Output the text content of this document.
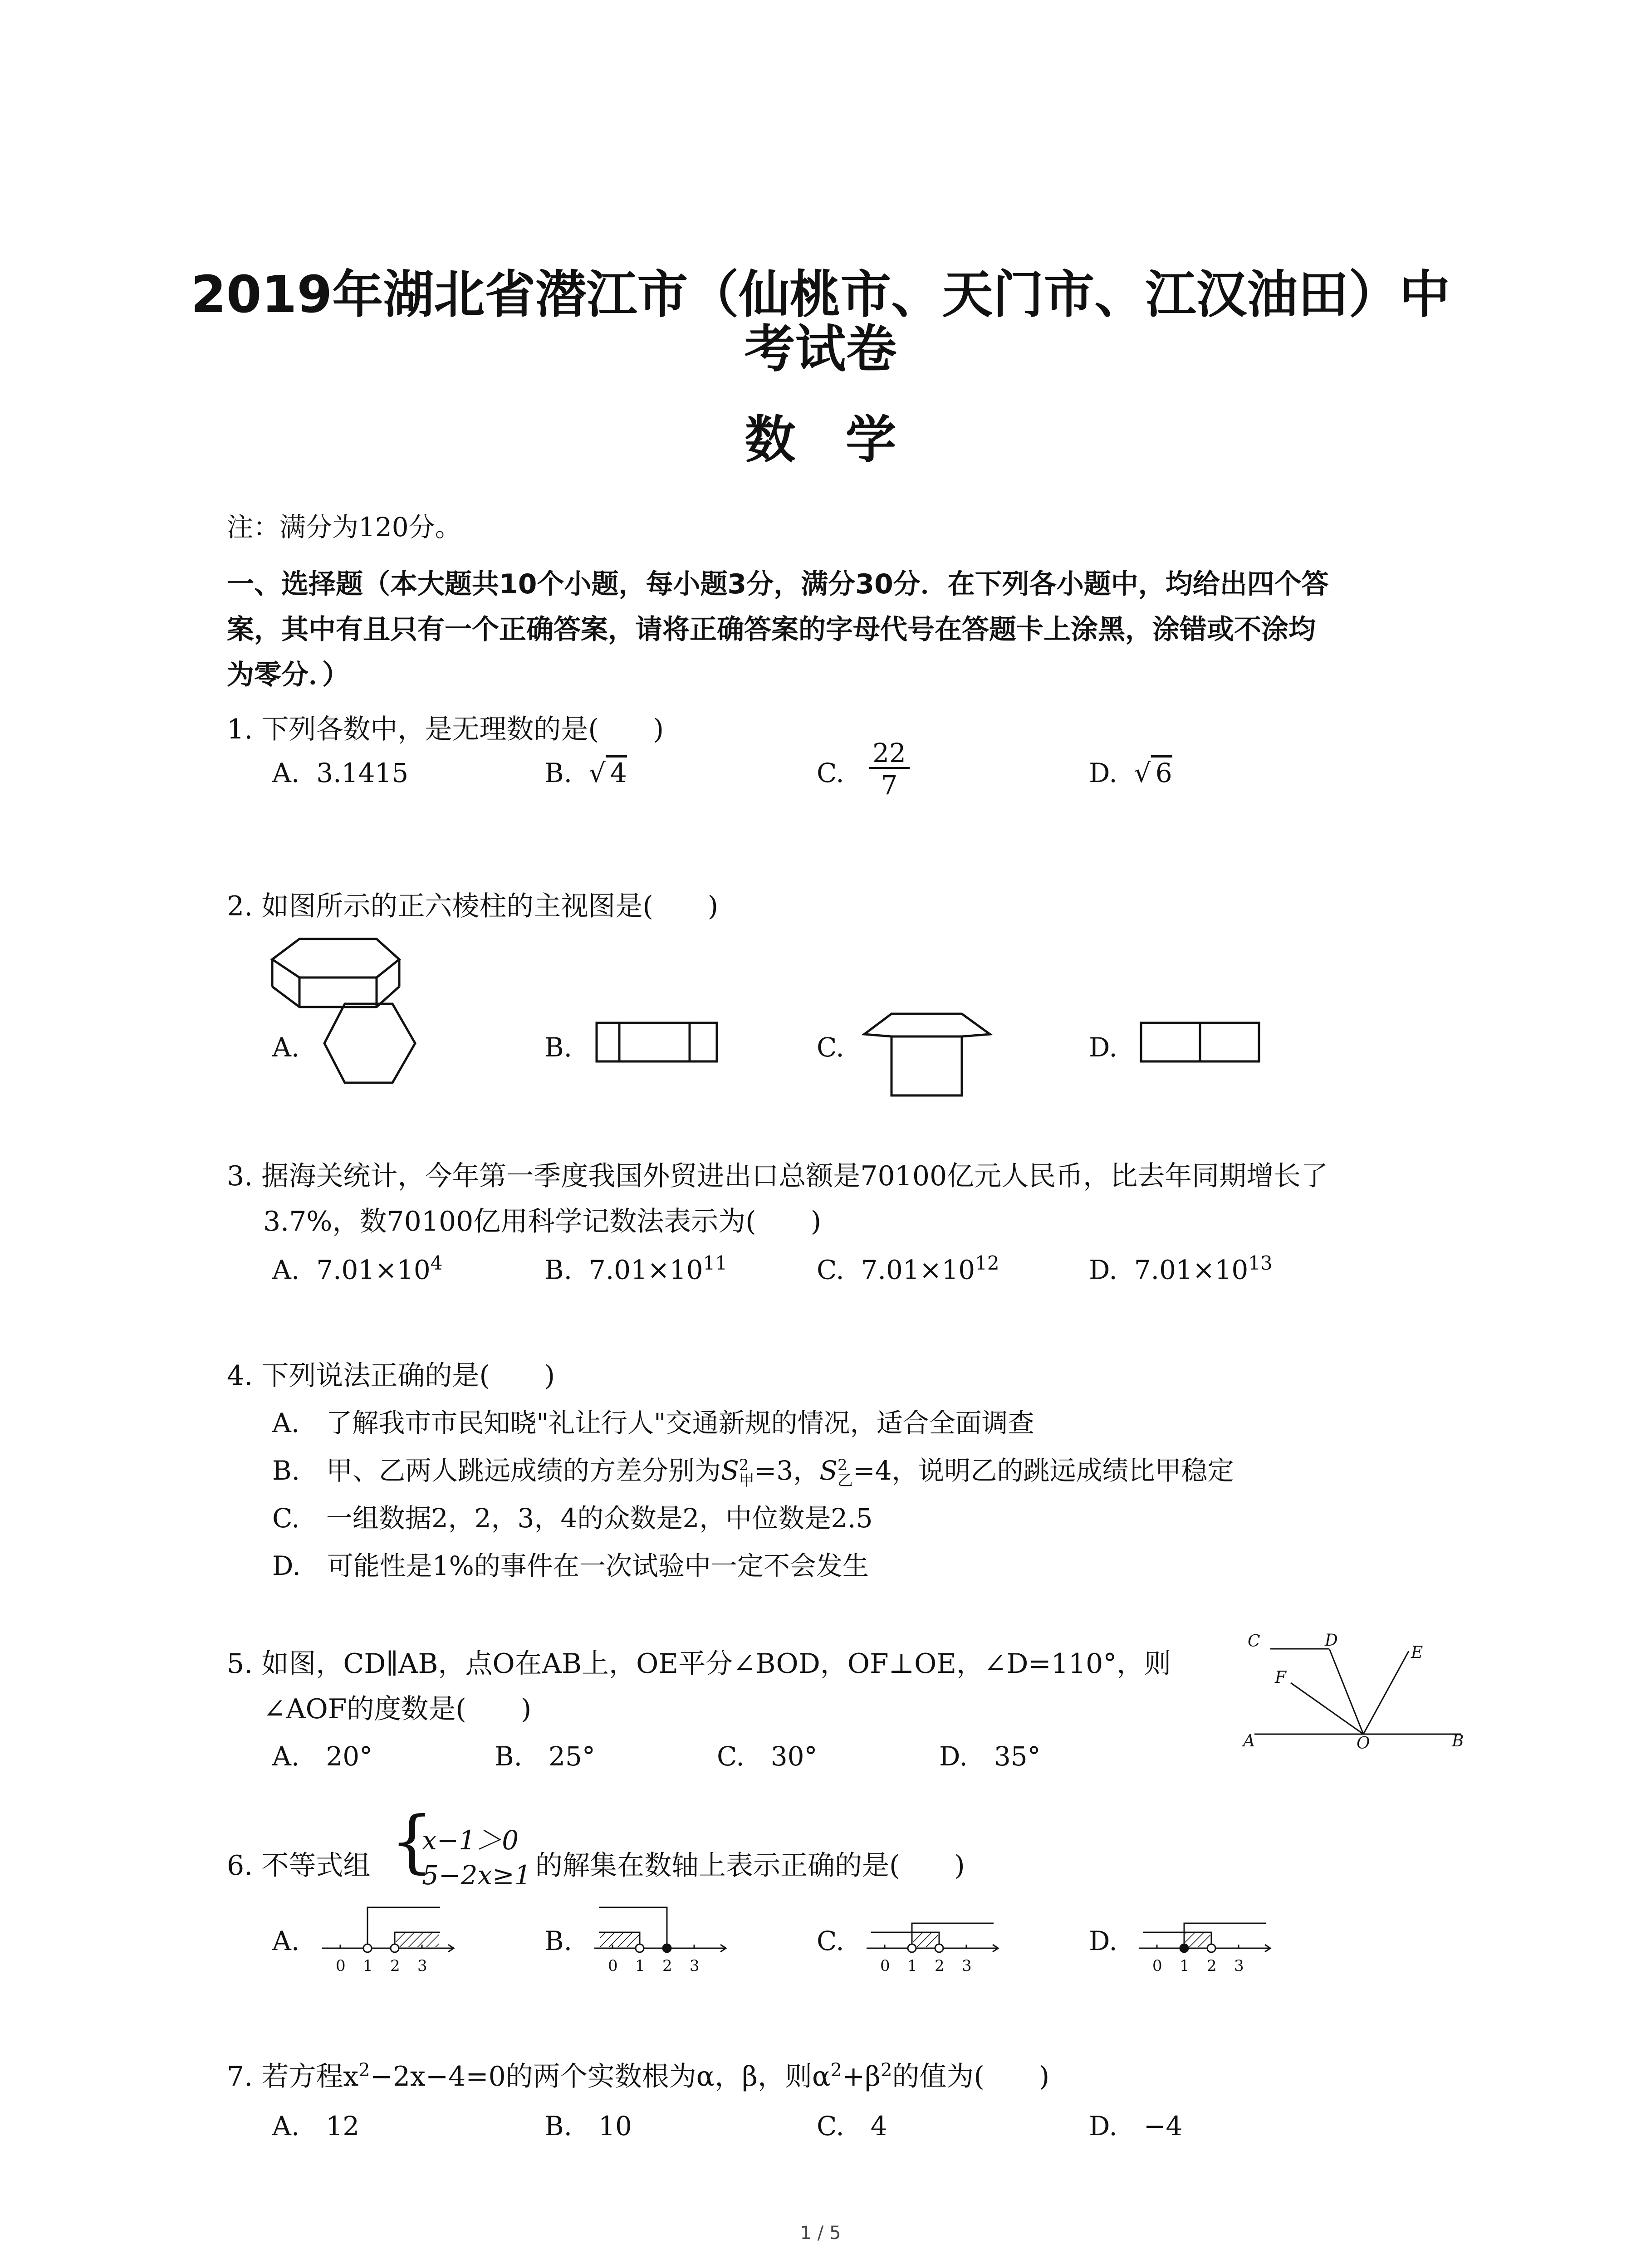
2019年湖北省潜江市（仙桃市、天门市、江汉油田）中
考试卷
数学
注：满分为120分。
一、选择题（本大题共10个小题，每小题3分，满分30分．在下列各小题中，均给出四个答
案，其中有且只有一个正确答案，请将正确答案的字母代号在答题卡上涂黑，涂错或不涂均
为零分．）
1. 下列各数中，是无理数的是(　　)
A. 3.1415	B.  √ 4	C. $\frac{22}{7}$	D.  √ 6
2. 如图所示的正六棱柱的主视图是(　　)
A.	B.	C.	D.
3. 据海关统计，今年第一季度我国外贸进出口总额是70100亿元人民币，比去年同期增长了
3.7%，数70100亿用科学记数法表示为(　　)
A. $7.01\times 10^4$	B. $7.01\times 10^{11}$	C. $7.01\times 10^{12}$	D. $7.01\times 10^{13}$
4. 下列说法正确的是(　　)
A.　了解我市市民知晓"礼让行人"交通新规的情况，适合全面调查
B.　甲、乙两人跳远成绩的方差分别为S 2
甲 =3，S 2
乙 =4，说明乙的跳远成绩比甲稳定
C.　一组数据2，2，3，4的众数是2，中位数是2.5
D.　可能性是1%的事件在一次试验中一定不会发生
5. 如图，CD∥AB，点O在AB上，OE平分∠BOD，OF⊥OE，∠D=110°，则
∠AOF的度数是(　　)
A.　20°	B.　25°	C.　30°	D.　35°
C	D
E
F
A	O	B
6. 不等式组 {
x−1＞0
5−2x≥1 的解集在数轴上表示正确的是(　　)
A.	B.	C.	D.
0 1 2 3	0 1 2 3	0 1 2 3	0 1 2 3
7. 若方程$x^2-2x-4=0$的两个实数根为α，β，则$\alpha^2+\beta^2$的值为(　　)
A.　12	B.　10	C.　4	D.　−4
1 / 5
